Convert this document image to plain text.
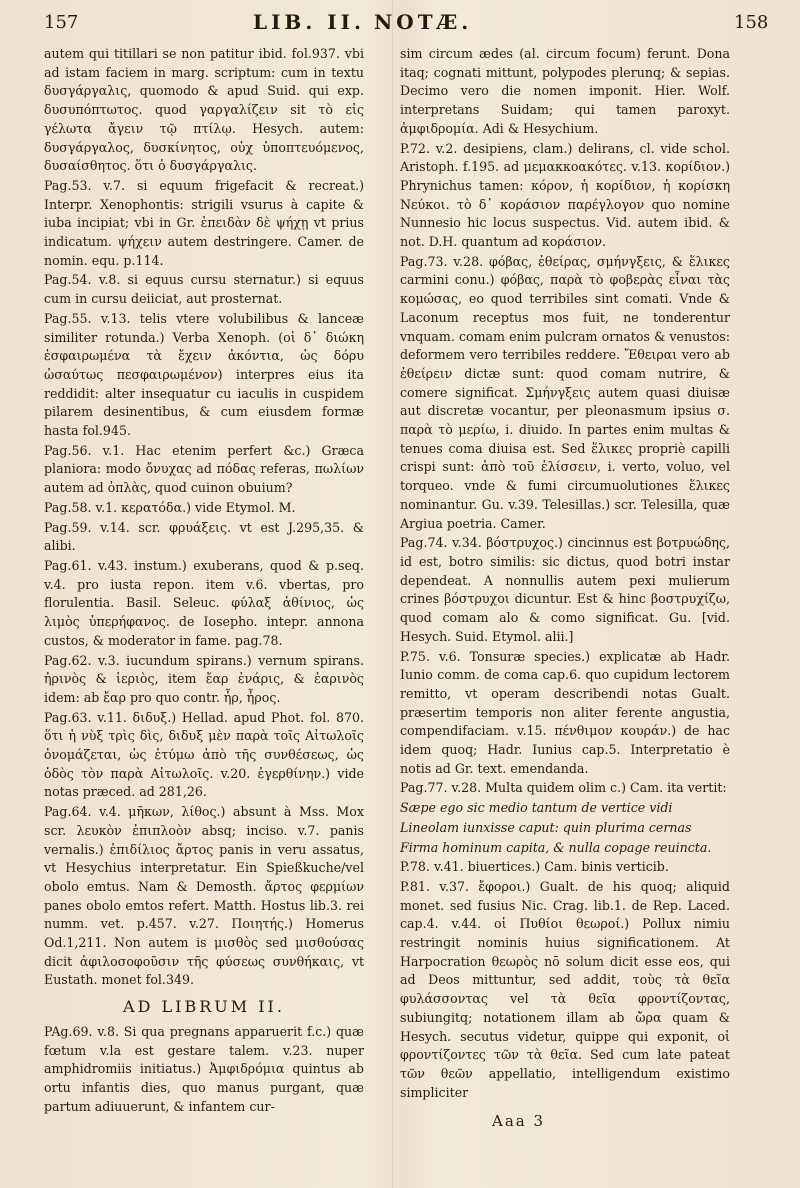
157	LIB. II. NOTÆ.	158

autem qui titillari se non patitur ibid. fol.937. vbi ad istam faciem in marg. scriptum: cum in textu δυσγάργαλις, quomodo & apud Suid. qui exp. δυσυπόπτωτος. quod γαργαλίζειν sit τὸ εἰς γέλωτα ἄγειν τῷ πτίλῳ. Hesych. autem: δυσγάργαλος, δυσκίνητος, οὐχ ὑποπτευόμενος, δυσαίσθητος. ὅτι ὁ δυσγάργαλις.

Pag.53. v.7. si equum frigefacit & recreat.) Interpr. Xenophontis: strigili vsurus à capite & iuba incipiat; vbi in Gr. ἐπειδὰν δὲ ψήχῃ vt prius indicatum. ψήχειν autem destringere. Camer. de nomin. equ. p.114.

Pag.54. v.8. si equus cursu sternatur.) si equus cum in cursu deiiciat, aut prosternat.

Pag.55. v.13. telis vtere volubilibus & lanceæ similiter rotunda.) Verba Xenoph. (οἱ δ᾽ διώκη ἐσφαιρωμένα τὰ ἔχειν ἀκόντια, ὡς δόρυ ὡσαύτως πεσφαιρωμένον) interpres eius ita reddidit: alter insequatur cu iaculis in cuspidem pilarem desinentibus, & cum eiusdem formæ hasta fol.945.

Pag.56. v.1. Hac etenim perfert &c.) Græca planiora: modo ὄνυχας ad πόδας referas, πωλίων autem ad ὁπλὰς, quod cuinon obuium?

Pag.58. v.1. κερατόδα.) vide Etymol. M.

Pag.59. v.14. scr. φρυάξεις. vt est J.295,35. & alibi.

Pag.61. v.43. instum.) exuberans, quod & p.seq. v.4. pro iusta repon. item v.6. vbertas, pro florulentia. Basil. Seleuc. φύλαξ ἀθίνιος, ὡς λιμὸς ὑπερήφανος. de Iosepho. intepr. annona custos, & moderator in fame. pag.78.

Pag.62. v.3. iucundum spirans.) vernum spirans. ἠρινὸς & ἱεριὸς, item ἔαρ ἐνάρις, & ἐαρινὸς idem: ab ἔαρ pro quo contr. ἦρ, ἦρος.

Pag.63. v.11. διδυξ.) Hellad. apud Phot. fol. 870. ὅτι ἡ νὺξ τρὶς δὶς, διδυξ μὲν παρὰ τοῖς Αἰτωλοῖς ὀνομάζεται, ὡς ἐτύμω ἀπὸ τῆς συνθέσεως, ὡς ὁδὸς τὸν παρὰ Αἰτωλοῖς. v.20. ἐγερθίνην.) vide notas præced. ad 281,26.

Pag.64. v.4. μῆκων, λίθος.) absunt à Mss. Mox scr. λευκὸν ἐπιπλοὸν absq; inciso. v.7. panis vernalis.) ἐπιδίλιος ἄρτος panis in veru assatus, vt Hesychius interpretatur. Ein Spießkuche/vel obolo emtus. Nam & Demosth. ἄρτος φερμίων panes obolo emtos refert. Matth. Hostus lib.3. rei numm. vet. p.457. v.27. Ποιητής.) Homerus Od.1,211. Non autem is μισθὸς sed μισθούσας dicit ἀφιλοσοφοῦσιν τῆς φύσεως συνθήκαις, vt Eustath. monet fol.349.

AD LIBRUM II.

PAg.69. v.8. Si qua pregnans apparuerit f.c.) quæ fœtum v.la est gestare talem. v.23. nuper amphidromiis initiatus.) Ἀμφιδρόμια quintus ab ortu infantis dies, quo manus purgant, quæ partum adiuuerunt, & infantem cur-

sim circum ædes (al. circum focum) ferunt. Dona itaq; cognati mittunt, polypodes plerunq; & sepias. Decimo vero die nomen imponit. Hier. Wolf. interpretans Suidam; qui tamen paroxyt. ἀμφιδρομία. Adi & Hesychium.

P.72. v.2. desipiens, clam.) delirans, cl. vide schol. Aristoph. f.195. ad μεμακκοακότες. v.13. κορίδιον.) Phrynichus tamen: κόρον, ἡ κορίδιον, ἡ κορίσκη Νεύκοι. τὸ δ᾽ κοράσιον παρέγλογον quo nomine Nunnesio hic locus suspectus. Vid. autem ibid. & not. D.H. quantum ad κοράσιον.

Pag.73. v.28. φόβας, ἐθείρας, σμήνγξεις, & ἕλικες carmini conu.) φόβας, παρὰ τὸ φοβερὰς εἶναι τὰς κομώσας, eo quod terribiles sint comati. Vnde & Laconum receptus mos fuit, ne tonderentur vnquam. comam enim pulcram ornatos & venustos: deformem vero terribiles reddere. Ἔθειραι vero ab ἐθείρειν dictæ sunt: quod comam nutrire, & comere significat. Σμήνγξεις autem quasi diuisæ aut discretæ vocantur, per pleonasmum ipsius σ. παρὰ τὸ μερίω, i. diuido. In partes enim multas & tenues coma diuisa est. Sed ἕλικες propriè capilli crispi sunt: ἀπὸ τοῦ ἑλίσσειν, i. verto, voluo, vel torqueo. vnde & fumi circumuolutiones ἕλικες nominantur. Gu. v.39. Telesillas.) scr. Telesilla, quæ Argiua poetria. Camer.

Pag.74. v.34. βόστρυχος.) cincinnus est βοτρυώδης, id est, botro similis: sic dictus, quod botri instar dependeat. A nonnullis autem pexi mulierum crines βόστρυχοι dicuntur. Est & hinc βοστρυχίζω, quod comam alo & como significat. Gu. [vid. Hesych. Suid. Etymol. alii.]

P.75. v.6. Tonsuræ species.) explicatæ ab Hadr. Iunio comm. de coma cap.6. quo cupidum lectorem remitto, vt operam describendi notas Gualt. præsertim temporis non aliter ferente angustia, compendifaciam. v.15. πένθιμον κουράν.) de hac idem quoq; Hadr. Iunius cap.5. Interpretatio è notis ad Gr. text. emendanda.

Pag.77. v.28. Multa quidem olim c.) Cam. ita vertit:

Sæpe ego sic medio tantum de vertice vidi

Lineolam iunxisse caput: quin plurima cernas

Firma hominum capita, & nulla copage reuincta.

P.78. v.41. biuertices.) Cam. binis verticib.

P.81. v.37. ἔφοροι.) Gualt. de his quoq; aliquid monet. sed fusius Nic. Crag. lib.1. de Rep. Laced. cap.4. v.44. οἱ Πυθίοι θεωροί.) Pollux nimiu restringit nominis huius significationem. At Harpocration θεωρὸς nō solum dicit esse eos, qui ad Deos mittuntur, sed addit, τοὺς τὰ θεῖα φυλάσσοντας vel τὰ θεῖα φροντίζοντας, subiungitq; notationem illam ab ὤρα quam & Hesych. secutus videtur, quippe qui exponit, οἱ φροντίζοντες τῶν τὰ θεῖα. Sed cum late pateat τῶν θεῶν appellatio, intelligendum existimo simpliciter

Aaa 3
